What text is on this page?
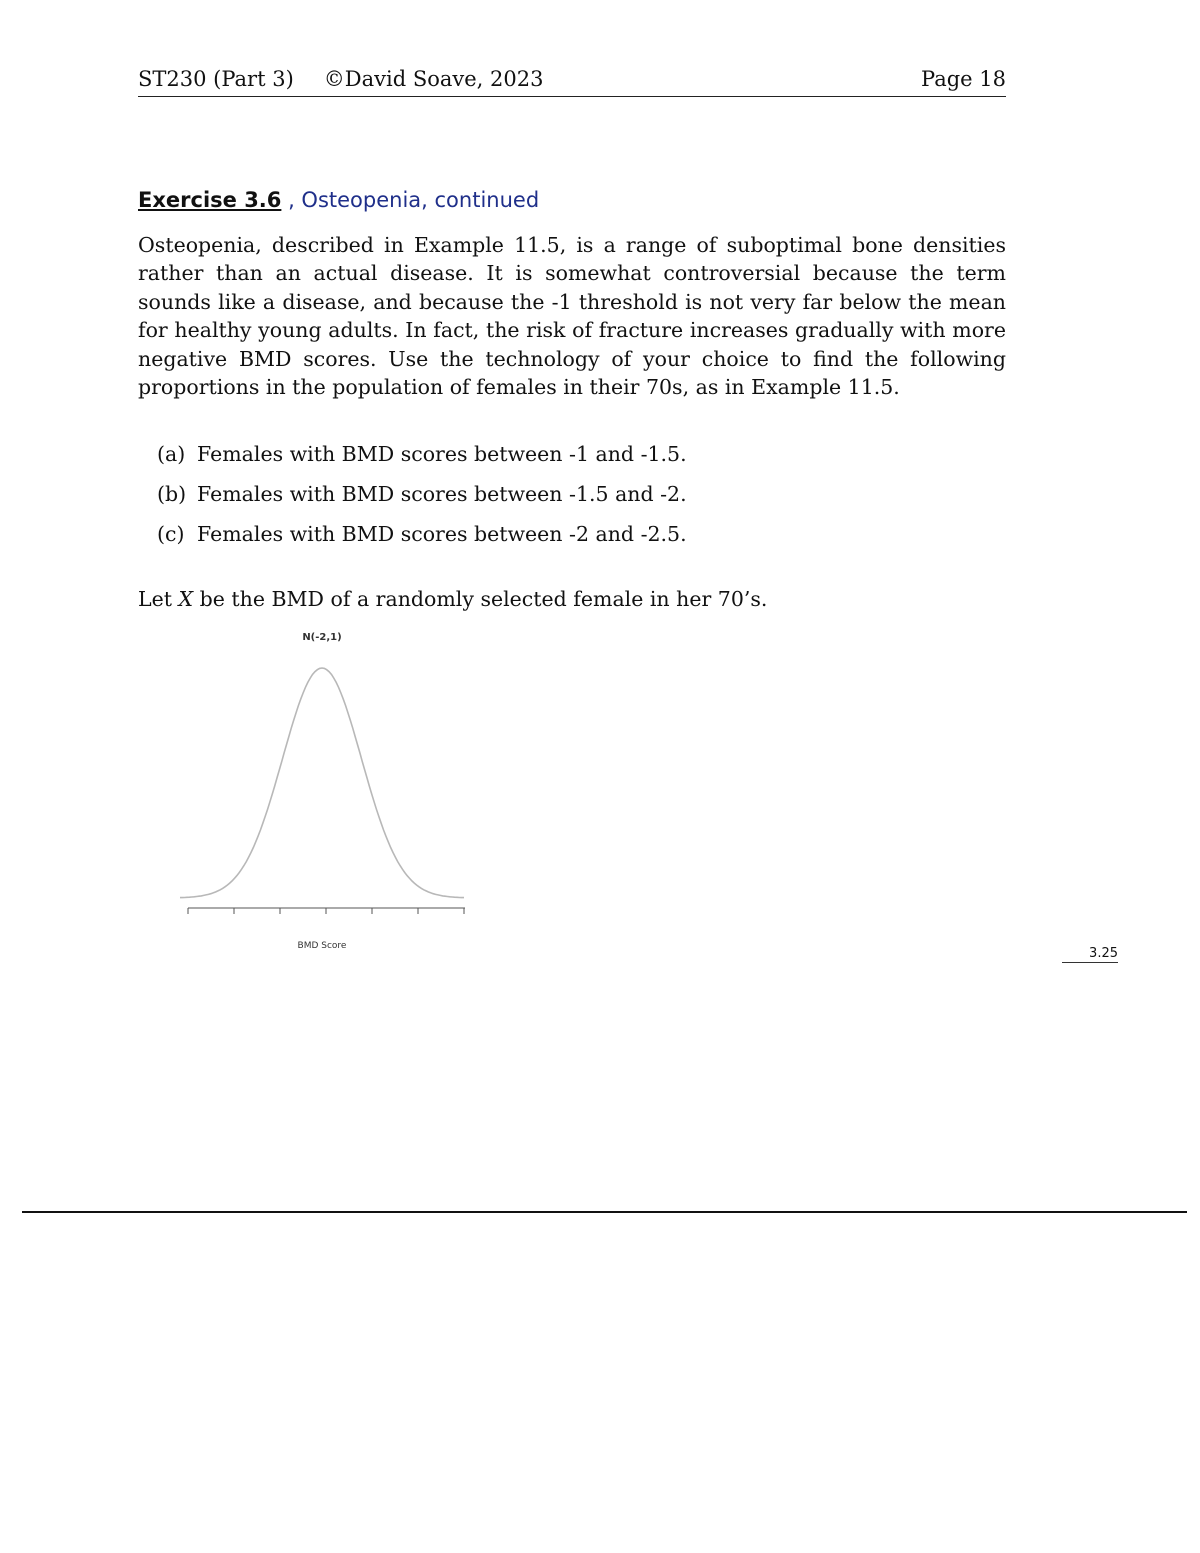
ST230 (Part 3) ©David Soave, 2023	Page 18
Exercise 3.6 , Osteopenia, continued
Osteopenia, described in Example 11.5, is a range of suboptimal bone densities rather than an actual disease. It is somewhat controversial because the term sounds like a disease, and because the -1 threshold is not very far below the mean for healthy young adults. In fact, the risk of fracture increases gradually with more negative BMD scores. Use the technology of your choice to find the following proportions in the population of females in their 70s, as in Example 11.5.
(a) Females with BMD scores between -1 and -1.5.
(b) Females with BMD scores between -1.5 and -2.
(c) Females with BMD scores between -2 and -2.5.
Let X be the BMD of a randomly selected female in her 70’s.
N(-2,1)
BMD Score	3.25
